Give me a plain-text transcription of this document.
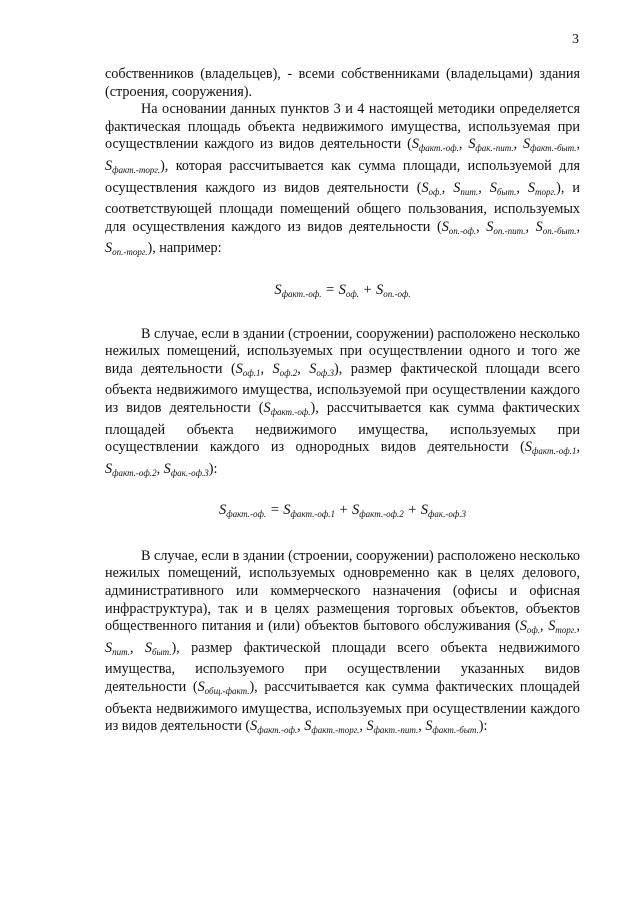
3

собственников (владельцев), - всеми собственниками (владельцами) здания (строения, сооружения).

На основании данных пунктов 3 и 4 настоящей методики определяется фактическая площадь объекта недвижимого имущества, используемая при осуществлении каждого из видов деятельности ($S_{факт.-оф.}$, $S_{фак.-пит.}$, $S_{факт.-быт.}$, $S_{факт.-торг.}$), которая рассчитывается как сумма площади, используемой для осуществления каждого из видов деятельности ($S_{оф.}$, $S_{пит.}$, $S_{быт.}$, $S_{торг.}$), и соответствующей площади помещений общего пользования, используемых для осуществления каждого из видов деятельности ($S_{оп.-оф.}$, $S_{оп.-пит.}$, $S_{оп.-быт.}$, $S_{оп.-торг.}$), например:

$S_{факт.-оф.} = S_{оф.} + S_{оп.-оф.}$

В случае, если в здании (строении, сооружении) расположено несколько нежилых помещений, используемых при осуществлении одного и того же вида деятельности ($S_{оф.1}$, $S_{оф.2}$, $S_{оф.3}$), размер фактической площади всего объекта недвижимого имущества, используемой при осуществлении каждого из видов деятельности $(S_{факт.-оф.})$, рассчитывается как сумма фактических площадей объекта недвижимого имущества, используемых при осуществлении каждого из однородных видов деятельности ($S_{факт.-оф.1}$, $S_{факт.-оф.2}$, $S_{фак.-оф.3}$):

$S_{факт.-оф.} = S_{факт.-оф.1} + S_{факт.-оф.2} + S_{фак.-оф.3}$

В случае, если в здании (строении, сооружении) расположено несколько нежилых помещений, используемых одновременно как в целях делового, административного или коммерческого назначения (офисы и офисная инфраструктура), так и в целях размещения торговых объектов, объектов общественного питания и (или) объектов бытового обслуживания ($S_{оф.}$, $S_{торг.}$, $S_{пит.}$, $S_{быт.}$), размер фактической площади всего объекта недвижимого имущества, используемого при осуществлении указанных видов деятельности $(S_{общ.-факт.})$, рассчитывается как сумма фактических площадей объекта недвижимого имущества, используемых при осуществлении каждого из видов деятельности ($S_{факт.-оф.}$, $S_{факт.-торг.}$, $S_{факт.-пит.}$, $S_{факт.-быт.}$):
